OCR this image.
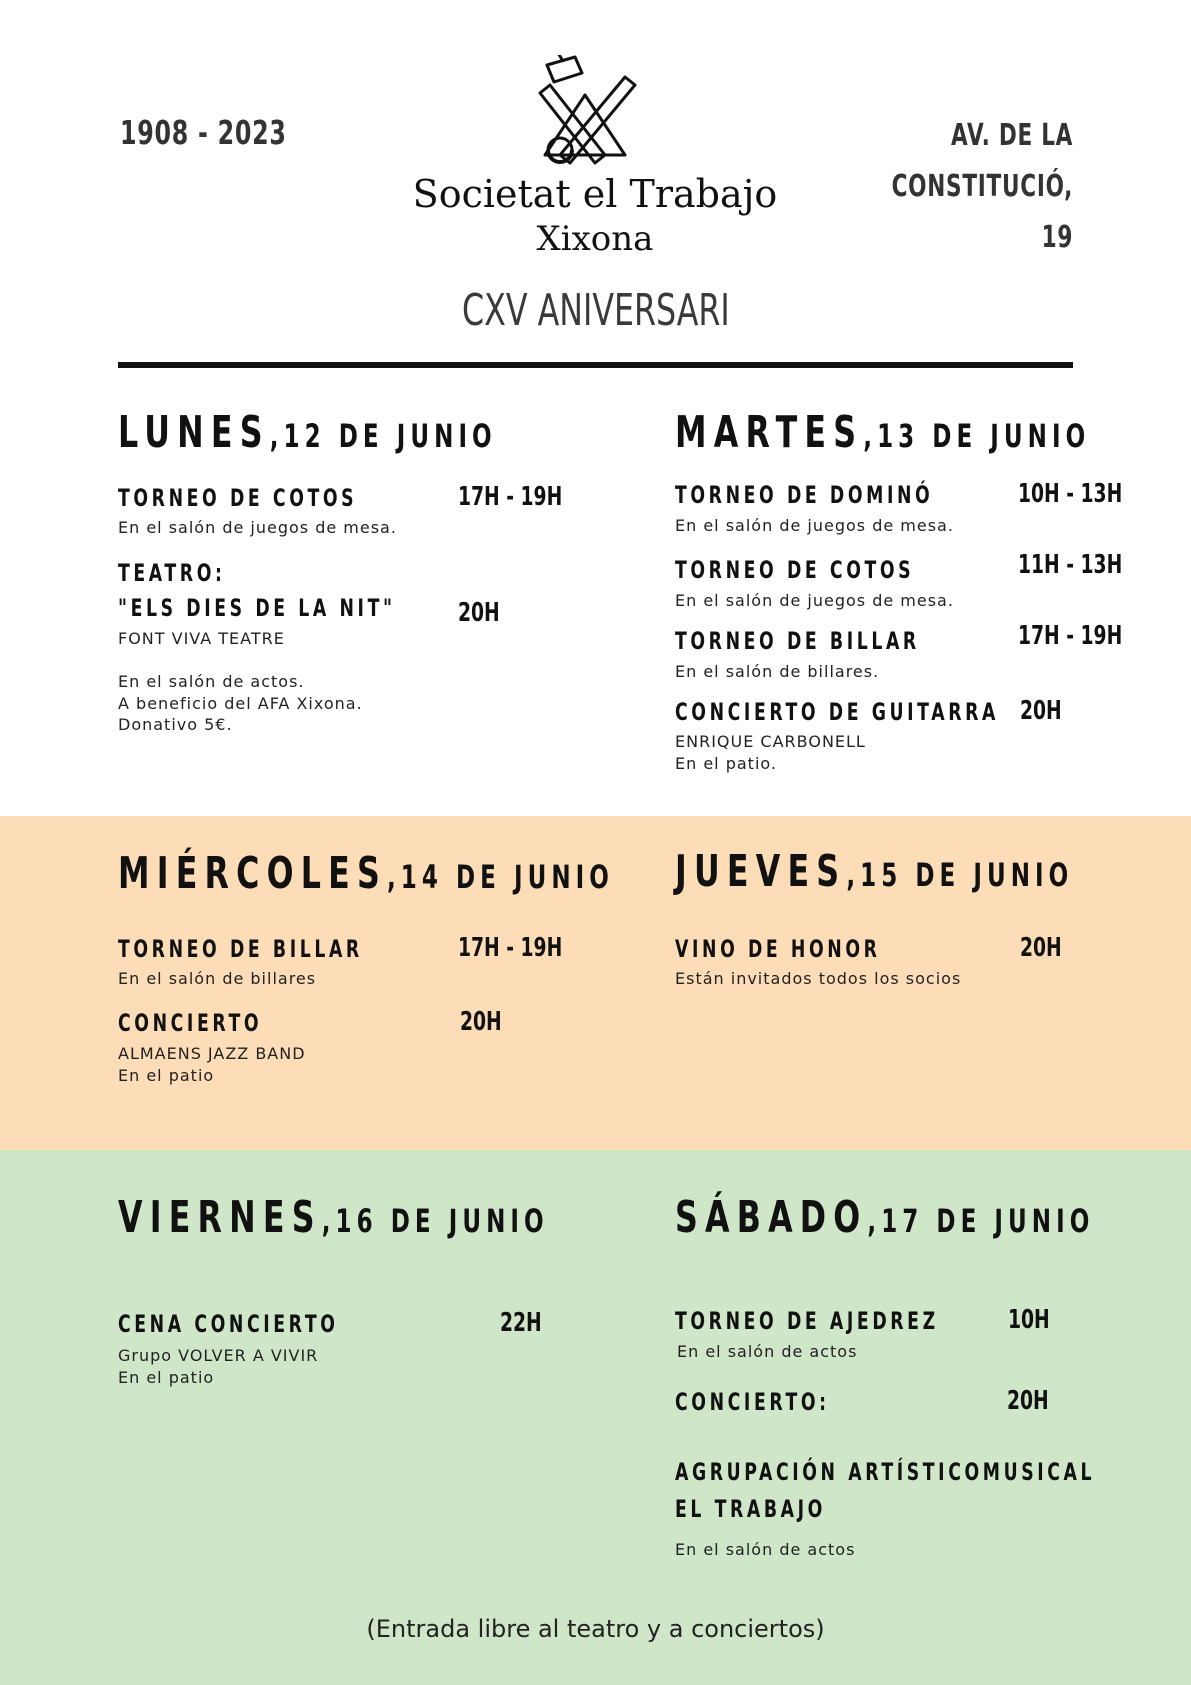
1908 - 2023	AV. DE LA
CONSTITUCIÓ,
19
Societat el Trabajo
Xixona
CXV ANIVERSARI
LUNES,12 DE JUNIO
TORNEO DE COTOS	17H - 19H
En el salón de juegos de mesa.
TEATRO:
"ELS DIES DE LA NIT" 20H
FONT VIVA TEATRE
En el salón de actos.
A beneficio del AFA Xixona.
Donativo 5€.
MARTES,13 DE JUNIO
TORNEO DE DOMINÓ	10H - 13H
En el salón de juegos de mesa.
TORNEO DE COTOS	11H - 13H
En el salón de juegos de mesa.
TORNEO DE BILLAR	17H - 19H
En el salón de billares.
CONCIERTO DE GUITARRA 20H
ENRIQUE CARBONELL
En el patio.
MIÉRCOLES,14 DE JUNIO
TORNEO DE BILLAR	17H - 19H
En el salón de billares
CONCIERTO	20H
ALMAENS JAZZ BAND
En el patio
JUEVES,15 DE JUNIO
VINO DE HONOR	20H
Están invitados todos los socios
VIERNES,16 DE JUNIO
CENA CONCIERTO	22H
Grupo VOLVER A VIVIR
En el patio
SÁBADO,17 DE JUNIO
TORNEO DE AJEDREZ	10H
En el salón de actos
CONCIERTO:	20H
AGRUPACIÓN ARTÍSTICOMUSICAL
EL TRABAJO
En el salón de actos
(Entrada libre al teatro y a conciertos)
